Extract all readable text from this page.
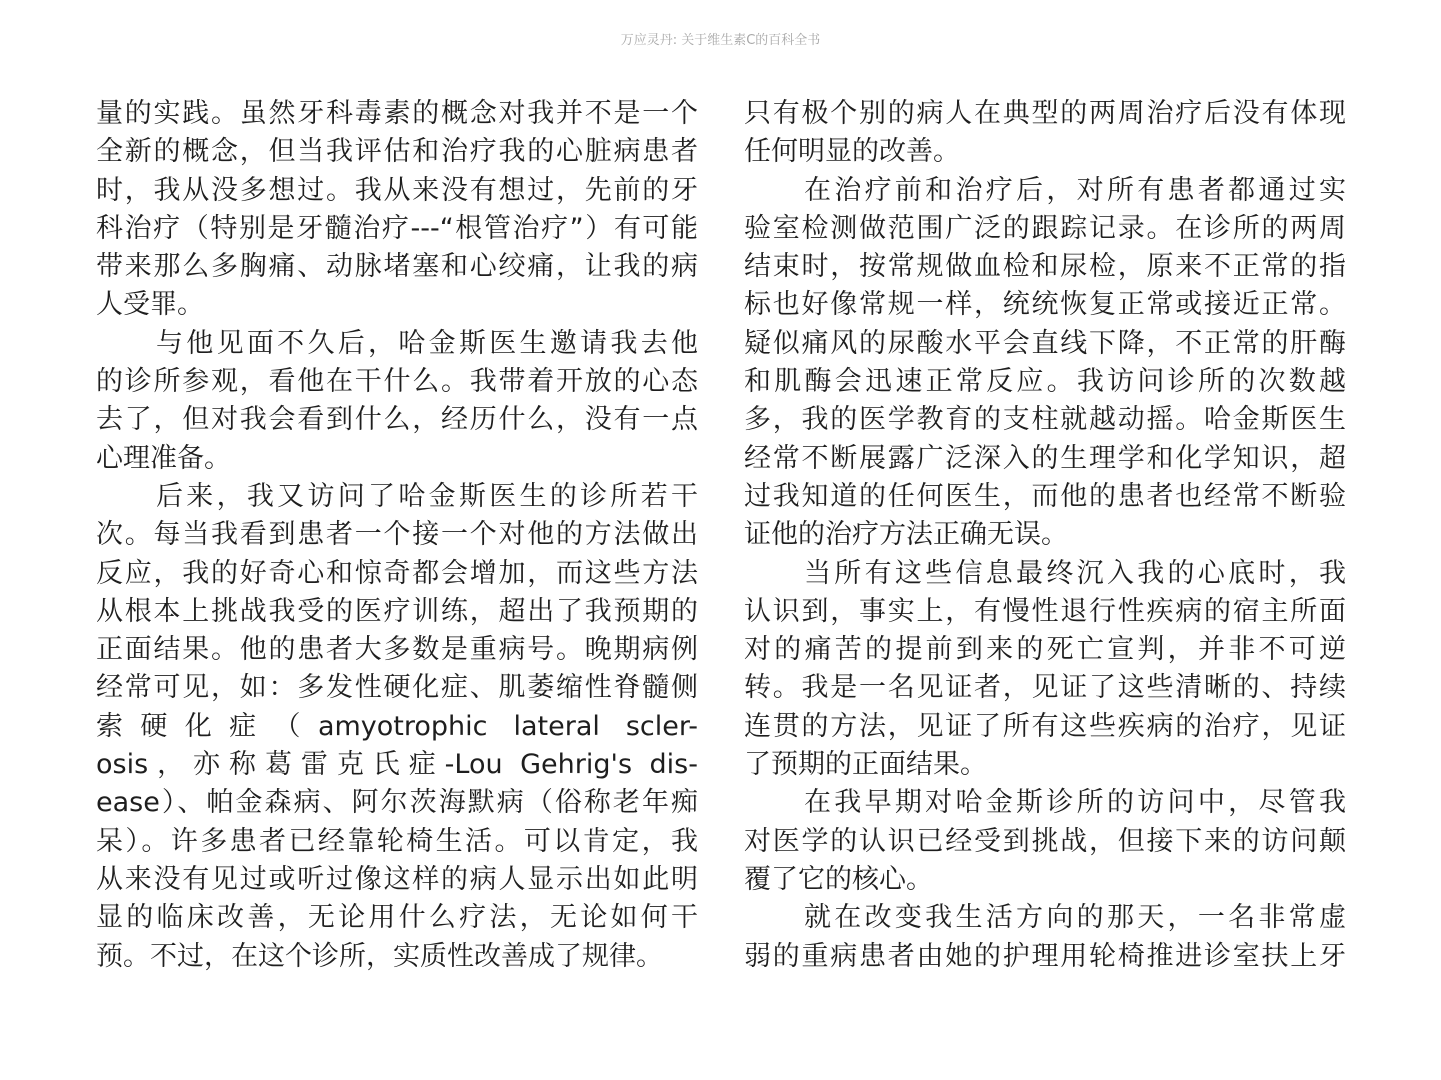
万应灵丹: 关于维生素C的百科全书
量的实践。虽然牙科毒素的概念对我并不是一个
全新的概念，但当我评估和治疗我的心脏病患者
时，我从没多想过。我从来没有想过，先前的牙
科治疗（特别是牙髓治疗---“根管治疗”）有可能
带来那么多胸痛、动脉堵塞和心绞痛，让我的病
人受罪。
与他见面不久后，哈金斯医生邀请我去他
的诊所参观，看他在干什么。我带着开放的心态
去了，但对我会看到什么，经历什么，没有一点
心理准备。
后来，我又访问了哈金斯医生的诊所若干
次。每当我看到患者一个接一个对他的方法做出
反应，我的好奇心和惊奇都会增加，而这些方法
从根本上挑战我受的医疗训练，超出了我预期的
正面结果。他的患者大多数是重病号。晚期病例
经常可见，如：多发性硬化症、肌萎缩性脊髓侧
索硬化症（amyotrophic lateral scler-
osis，亦称葛雷克氏症-Lou Gehrig's dis-
ease）、帕金森病、阿尔茨海默病（俗称老年痴
呆）。许多患者已经靠轮椅生活。可以肯定，我
从来没有见过或听过像这样的病人显示出如此明
显的临床改善，无论用什么疗法，无论如何干
预。不过，在这个诊所，实质性改善成了规律。
只有极个别的病人在典型的两周治疗后没有体现
任何明显的改善。
在治疗前和治疗后，对所有患者都通过实
验室检测做范围广泛的跟踪记录。在诊所的两周
结束时，按常规做血检和尿检，原来不正常的指
标也好像常规一样，统统恢复正常或接近正常。
疑似痛风的尿酸水平会直线下降，不正常的肝酶
和肌酶会迅速正常反应。我访问诊所的次数越
多，我的医学教育的支柱就越动摇。哈金斯医生
经常不断展露广泛深入的生理学和化学知识，超
过我知道的任何医生，而他的患者也经常不断验
证他的治疗方法正确无误。
当所有这些信息最终沉入我的心底时，我
认识到，事实上，有慢性退行性疾病的宿主所面
对的痛苦的提前到来的死亡宣判，并非不可逆
转。我是一名见证者，见证了这些清晰的、持续
连贯的方法，见证了所有这些疾病的治疗，见证
了预期的正面结果。
在我早期对哈金斯诊所的访问中，尽管我
对医学的认识已经受到挑战，但接下来的访问颠
覆了它的核心。
就在改变我生活方向的那天，一名非常虚
弱的重病患者由她的护理用轮椅推进诊室扶上牙
